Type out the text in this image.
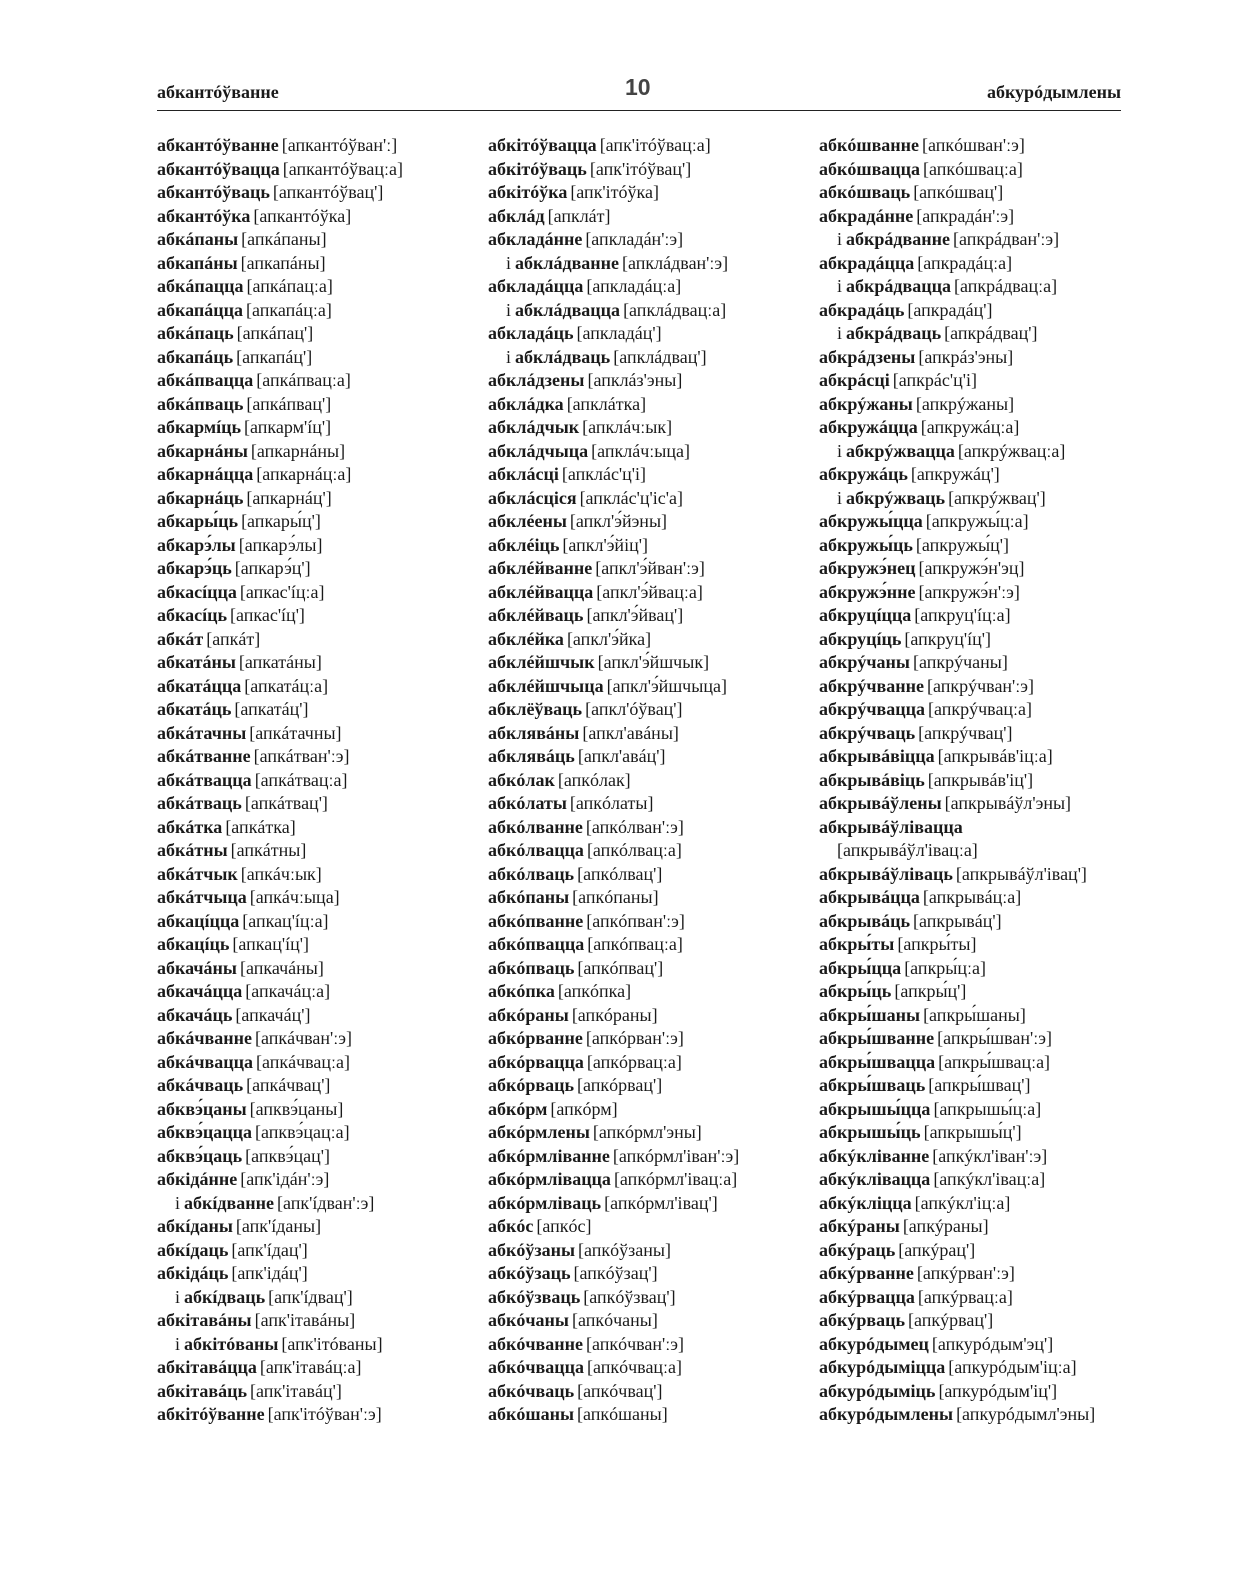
абкантóўванне	10	абкурóдымлены
абкантóўванне [апкантóўван'ː]
абкантóўвацца [апкантóўвацːа]
абкантóўваць [апкантóўвац']
абкантóўка [апкантóўка]
абкáпаны [апкáпаны]
абкапáны [апкапáны]
абкáпацца [апкáпацːа]
абкапáцца [апкапáцːа]
абкáпаць [апкáпац']
абкапáць [апкапáц']
абкáпвацца [апкáпвацːа]
абкáпваць [апкáпвац']
абкармíць [апкарм'íц']
абкарнáны [апкарнáны]
абкарнáцца [апкарнáцːа]
абкарнáць [апкарнáц']
абкары́ць [апкары́ц']
абкарэ́лы [апкарэ́лы]
абкарэ́ць [апкарэ́ц']
абкасíцца [апкас'íцːа]
абкасíць [апкас'íц']
абкáт [апкáт]
абкатáны [апкатáны]
абкатáцца [апкатáцːа]
абкатáць [апкатáц']
абкáтачны [апкáтачны]
абкáтванне [апкáтван'ːэ]
абкáтвацца [апкáтвацːа]
абкáтваць [апкáтвац']
абкáтка [апкáтка]
абкáтны [апкáтны]
абкáтчык [апкáчːык]
абкáтчыца [апкáчːыца]
абкацíцца [апкац'íцːа]
абкацíць [апкац'íц']
абкачáны [апкачáны]
абкачáцца [апкачáцːа]
абкачáць [апкачáц']
абкáчванне [апкáчван'ːэ]
абкáчвацца [апкáчвацːа]
абкáчваць [апкáчвац']
абквэ́цаны [апквэ́цаны]
абквэ́цацца [апквэ́цацːа]
абквэ́цаць [апквэ́цац']
абкідáнне [апк'ідáн'ːэ]
і абкíдванне [апк'íдван'ːэ]
абкíданы [апк'íданы]
абкíдаць [апк'íдац']
абкідáць [апк'ідáц']
і абкíдваць [апк'íдвац']
абкітавáны [апк'ітавáны]
і абкітóваны [апк'ітóваны]
абкітавáцца [апк'ітавáцːа]
абкітавáць [апк'ітавáц']
абкітóўванне [апк'ітóўван'ːэ]
абкітóўвацца [апк'ітóўвацːа]
абкітóўваць [апк'ітóўвац']
абкітóўка [апк'ітóўка]
абклáд [апклáт]
абкладáнне [апкладáн'ːэ]
і абклáдванне [апклáдван'ːэ]
абкладáцца [апкладáцːа]
і абклáдвацца [апклáдвацːа]
абкладáць [апкладáц']
і абклáдваць [апклáдвац']
абклáдзены [апклáз'эны]
абклáдка [апклáтка]
абклáдчык [апклáчːык]
абклáдчыца [апклáчːыца]
абклáсці [апклáс'ц'і]
абклáсціся [апклáс'ц'іс'а]
абклéены [апкл'э́йэны]
абклéіць [апкл'э́йіц']
абклéйванне [апкл'э́йван'ːэ]
абклéйвацца [апкл'э́йвацːа]
абклéйваць [апкл'э́йвац']
абклéйка [апкл'э́йка]
абклéйшчык [апкл'э́йшчык]
абклéйшчыца [апкл'э́йшчыца]
абклёўваць [апкл'óўвац']
абклявáны [апкл'авáны]
абклявáць [апкл'авáц']
абкóлак [апкóлак]
абкóлаты [апкóлаты]
абкóлванне [апкóлван'ːэ]
абкóлвацца [апкóлвацːа]
абкóлваць [апкóлвац']
абкóпаны [апкóпаны]
абкóпванне [апкóпван'ːэ]
абкóпвацца [апкóпвацːа]
абкóпваць [апкóпвац']
абкóпка [апкóпка]
абкóраны [апкóраны]
абкóрванне [апкóрван'ːэ]
абкóрвацца [апкóрвацːа]
абкóрваць [апкóрвац']
абкóрм [апкóрм]
абкóрмлены [апкóрмл'эны]
абкóрмліванне [апкóрмл'іван'ːэ]
абкóрмлівацца [апкóрмл'івацːа]
абкóрмліваць [апкóрмл'івац']
абкóс [апкóс]
абкóўзаны [апкóўзаны]
абкóўзаць [апкóўзац']
абкóўзваць [апкóўзвац']
абкóчаны [апкóчаны]
абкóчванне [апкóчван'ːэ]
абкóчвацца [апкóчвацːа]
абкóчваць [апкóчвац']
абкóшаны [апкóшаны]
абкóшванне [апкóшван'ːэ]
абкóшвацца [апкóшвацːа]
абкóшваць [апкóшвац']
абкрадáнне [апкрадáн'ːэ]
і абкрáдванне [апкрáдван'ːэ]
абкрадáцца [апкрадáцːа]
і абкрáдвацца [апкрáдвацːа]
абкрадáць [апкрадáц']
і абкрáдваць [апкрáдвац']
абкрáдзены [апкрáз'эны]
абкрáсці [апкрáс'ц'і]
абкрýжаны [апкрýжаны]
абкружáцца [апкружáцːа]
і абкрýжвацца [апкрýжвацːа]
абкружáць [апкружáц']
і абкрýжваць [апкрýжвац']
абкружы́цца [апкружы́цːа]
абкружы́ць [апкружы́ц']
абкружэ́нец [апкружэ́н'эц]
абкружэ́нне [апкружэ́н'ːэ]
абкруцíцца [апкруц'íцːа]
абкруцíць [апкруц'íц']
абкрýчаны [апкрýчаны]
абкрýчванне [апкрýчван'ːэ]
абкрýчвацца [апкрýчвацːа]
абкрýчваць [апкрýчвац']
абкрывáвіцца [апкрывáв'іцːа]
абкрывáвіць [апкрывáв'іц']
абкрывáўлены [апкрывáўл'эны]
абкрывáўлівацца
[апкрывáўл'івацːа]
абкрывáўліваць [апкрывáўл'івац']
абкрывáцца [апкрывáцːа]
абкрывáць [апкрывáц']
абкры́ты [апкры́ты]
абкры́цца [апкры́цːа]
абкры́ць [апкры́ц']
абкры́шаны [апкры́шаны]
абкры́шванне [апкры́шван'ːэ]
абкры́швацца [апкры́швацːа]
абкры́шваць [апкры́швац']
абкрышы́цца [апкрышы́цːа]
абкрышы́ць [апкрышы́ц']
абкýкліванне [апкýкл'іван'ːэ]
абкýклівацца [апкýкл'івацːа]
абкýкліцца [апкýкл'іцːа]
абкýраны [апкýраны]
абкýраць [апкýрац']
абкýрванне [апкýрван'ːэ]
абкýрвацца [апкýрвацːа]
абкýрваць [апкýрвац']
абкурóдымец [апкурóдым'эц']
абкурóдыміцца [апкурóдым'іцːа]
абкурóдыміць [апкурóдым'іц']
абкурóдымлены [апкурóдымл'эны]
